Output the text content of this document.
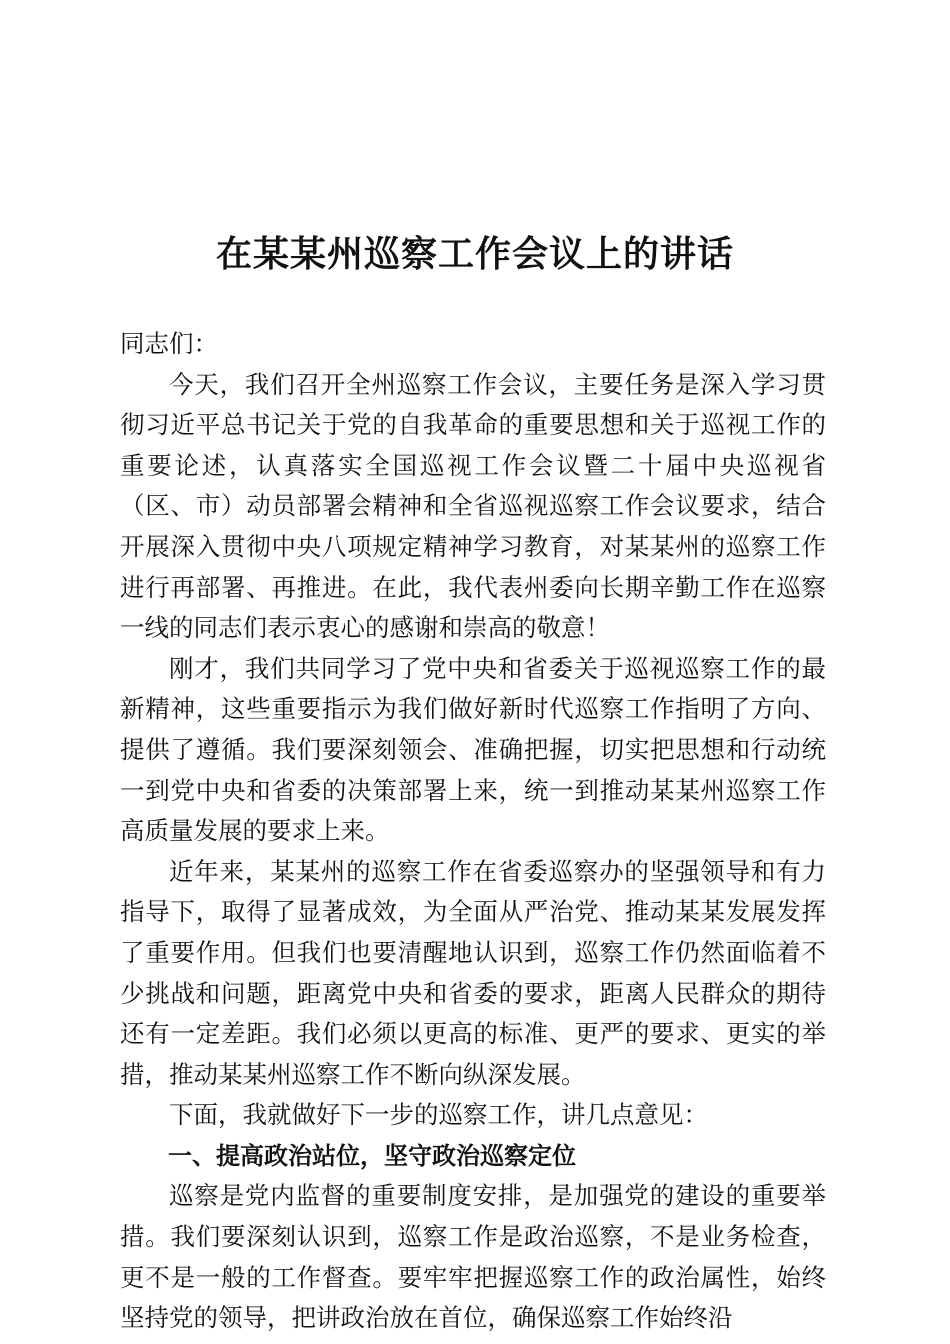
在某某州巡察工作会议上的讲话

同志们：

今天，我们召开全州巡察工作会议，主要任务是深入学习贯彻习近平总书记关于党的自我革命的重要思想和关于巡视工作的重要论述，认真落实全国巡视工作会议暨二十届中央巡视省（区、市）动员部署会精神和全省巡视巡察工作会议要求，结合开展深入贯彻中央八项规定精神学习教育，对某某州的巡察工作进行再部署、再推进。在此，我代表州委向长期辛勤工作在巡察一线的同志们表示衷心的感谢和崇高的敬意！

刚才，我们共同学习了党中央和省委关于巡视巡察工作的最新精神，这些重要指示为我们做好新时代巡察工作指明了方向、提供了遵循。我们要深刻领会、准确把握，切实把思想和行动统一到党中央和省委的决策部署上来，统一到推动某某州巡察工作高质量发展的要求上来。

近年来，某某州的巡察工作在省委巡察办的坚强领导和有力指导下，取得了显著成效，为全面从严治党、推动某某发展发挥了重要作用。但我们也要清醒地认识到，巡察工作仍然面临着不少挑战和问题，距离党中央和省委的要求，距离人民群众的期待还有一定差距。我们必须以更高的标准、更严的要求、更实的举措，推动某某州巡察工作不断向纵深发展。

下面，我就做好下一步的巡察工作，讲几点意见：

一、提高政治站位，坚守政治巡察定位

巡察是党内监督的重要制度安排，是加强党的建设的重要举措。我们要深刻认识到，巡察工作是政治巡察，不是业务检查，更不是一般的工作督查。要牢牢把握巡察工作的政治属性，始终坚持党的领导，把讲政治放在首位，确保巡察工作始终沿
